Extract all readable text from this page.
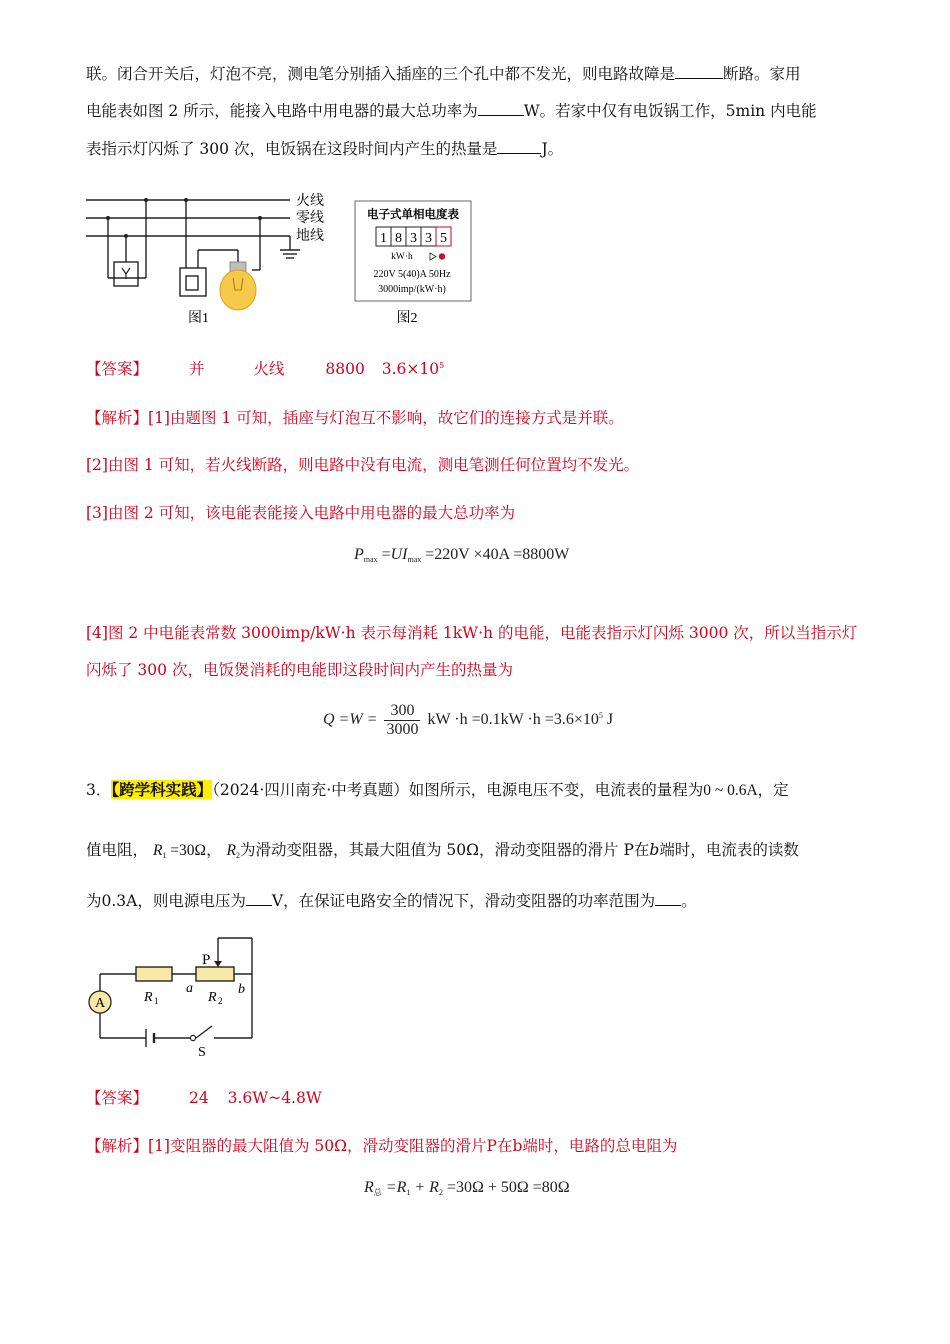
联。闭合开关后，灯泡不亮，测电笔分别插入插座的三个孔中都不发光，则电路故障是	断路。家用
电能表如图 2 所示，能接入电路中用电器的最大总功率为	W。若家中仅有电饭锅工作，5min 内电能
表指示灯闪烁了 300 次，电饭锅在这段时间内产生的热量是	J。
火线
零线
地线
图1
电子式单相电度表
1 8 3 3 5
kW·h
220V 5(40)A 50Hz
3000imp/(kW·h)
图2
【答案】	并	火线	8800 $3.6\times 10^5$
【解析】[1]由题图 1 可知，插座与灯泡互不影响，故它们的连接方式是并联。
[2]由图 1 可知，若火线断路，则电路中没有电流，测电笔测任何位置均不发光。
[3]由图 2 可知，该电能表能接入电路中用电器的最大总功率为
$P_{max} =UI_{max} =220V \times 40A =8800W$
[4]图 2 中电能表常数 3000imp/kW·h 表示每消耗 1kW·h 的电能，电能表指示灯闪烁 3000 次，所以当指示灯
闪烁了 300 次，电饭煲消耗的电能即这段时间内产生的热量为
$Q =W = \frac{300}{3000}$ kW $\cdot h =0.1kW \cdot h =3.6\times 10^5$ J
3．【跨学科实践】（2024·四川南充·中考真题）如图所示，电源电压不变，电流表的量程为0 ~ 0.6A，定
值电阻， $R_1 =30\Omega$， $R_2$为滑动变阻器，其最大阻值为 50Ω，滑动变阻器的滑片 P在b端时，电流表的读数
为0.3A，则电源电压为 V，在保证电路安全的情况下，滑动变阻器的功率范围为 。
A
P
R 1
a
R 2
b
S
【答案】	24 3.6W~4.8W
【解析】[1]变阻器的最大阻值为 50Ω，滑动变阻器的滑片P在b端时，电路的总电阻为
$R_总 =R_1 + R_2 =30\Omega + 50\Omega =80\Omega$
